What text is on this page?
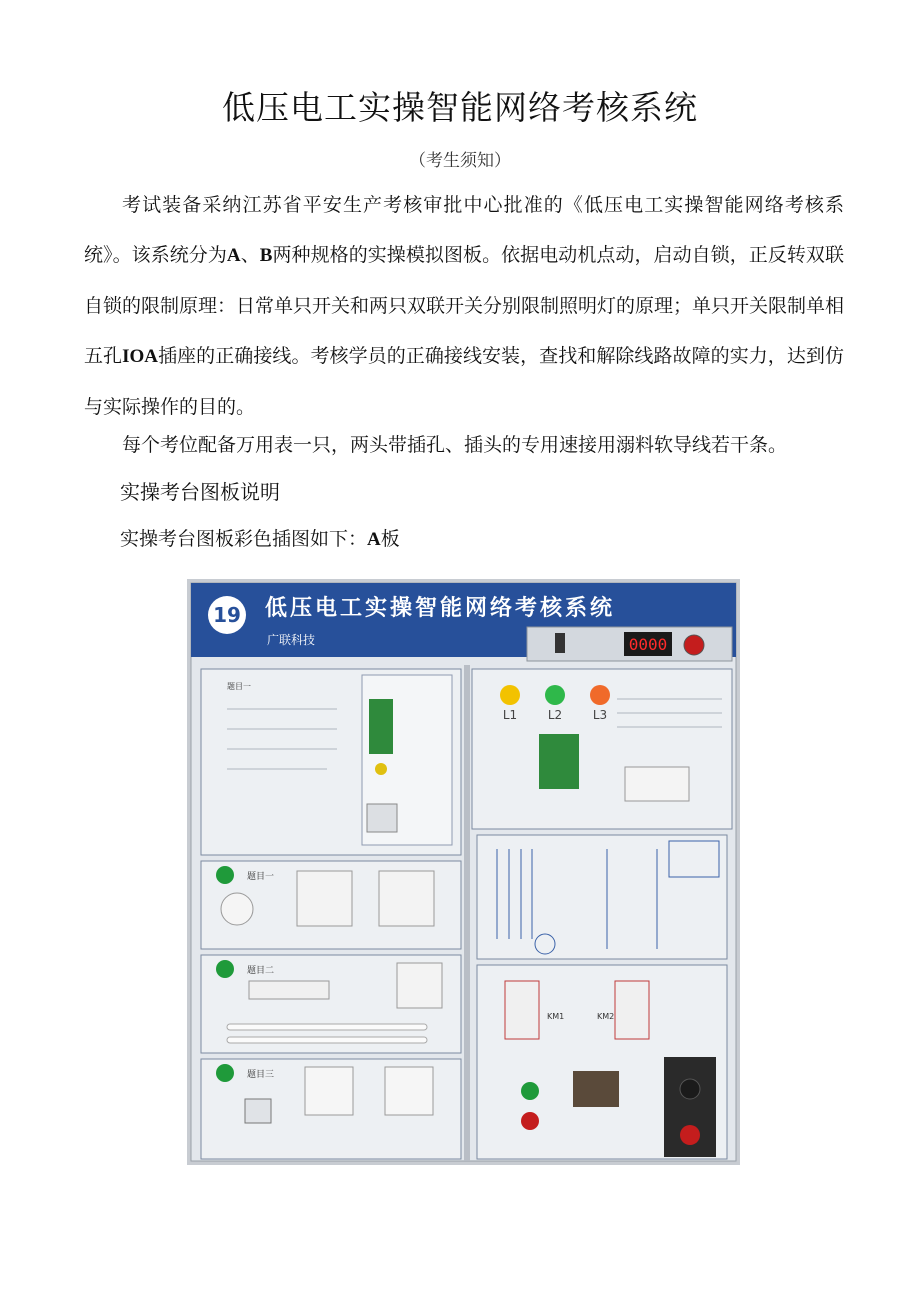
低压电工实操智能网络考核系统
（考生须知）

考试装备采纳江苏省平安生产考核审批中心批准的《低压电工实操智能网络考核系统》。该系统分为A、B两种规格的实操模拟图板。依据电动机点动，启动自锁，正反转双联自锁的限制原理：日常单只开关和两只双联开关分别限制照明灯的原理；单只开关限制单相五孔IOA插座的正确接线。考核学员的正确接线安装，查找和解除线路故障的实力，达到仿与实际操作的目的。

每个考位配备万用表一只，两头带插孔、插头的专用速接用溺料软导线若干条。

实操考台图板说明
实操考台图板彩色插图如下：A板
19 低压电工实操智能网络考核系统
广联科技	0000
题目一
题目一
题目二
题目三
L1	L2	L3
KM1	KM2
